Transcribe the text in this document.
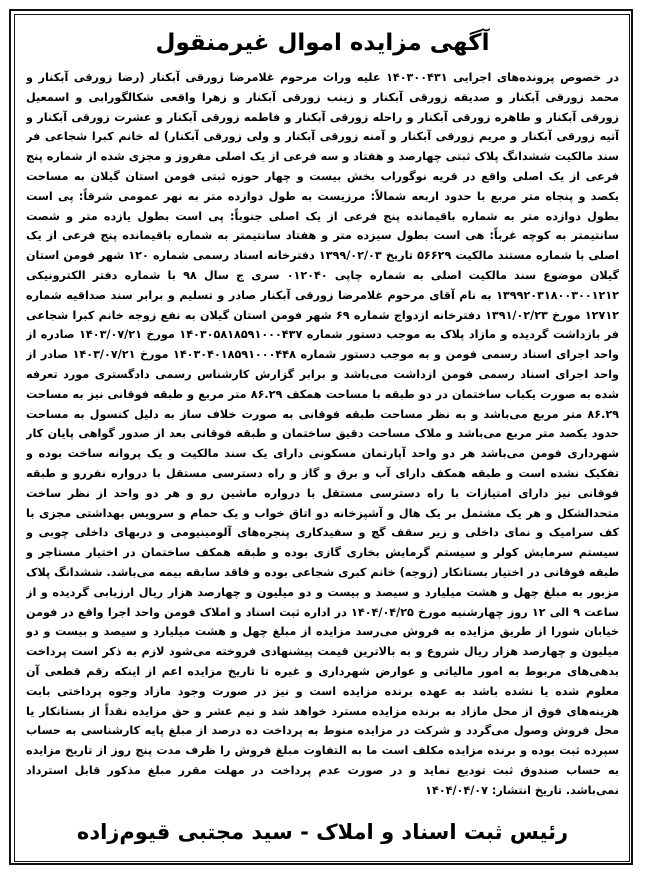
آگهی مزایده اموال غیرمنقول
در خصوص پرونده‌های اجرایی ۱۴۰۳۰۰۴۳۱ علیه وراث مرحوم غلامرضا زورقی آبکنار (رضا زورقی آبکنار و محمد زورقی آبکنار و صدیقه زورقی آبکنار و زینب زورقی آبکنار و زهرا واقعی شکالگورابی و اسمعیل زورقی آبکنار و طاهره زورقی آبکنار و راحله زورقی آبکنار و فاطمه زورقی آبکنار و عشرت زورقی آبکنار و آتیه زورقی آبکنار و مریم زورقی آبکنار و آمنه زورقی آبکنار و ولی زورقی آبکنار) له خانم کبرا شجاعی فر سند مالکیت ششدانگ پلاک ثبتی چهارصد و هفتاد و سه فرعی از یک اصلی مفروز و مجزی شده از شماره پنج فرعی از یک اصلی واقع در قریه نوگوراب بخش بیست و چهار حوزه ثبتی فومن استان گیلان به مساحت یکصد و پنجاه متر مربع با حدود اربعه شمالاً: مرزیست به طول دوازده متر به نهر عمومی شرقاً: پی است بطول دوازده متر به شماره باقیمانده پنج فرعی از یک اصلی جنوباً: پی است بطول یازده متر و شصت سانتیمتر به کوچه غرباً: هی است بطول سیزده متر و هفتاد سانتیمتر به شماره باقیمانده پنج فرعی از یک اصلی با شماره مستند مالکیت ۵۶۶۲۹ تاریخ ۱۳۹۹/۰۲/۰۳ دفترخانه اسناد رسمی شماره ۱۲۰ شهر فومن استان گیلان موضوع سند مالکیت اصلی به شماره چاپی ۰۱۲۰۴۰ سری ج سال ۹۸ با شماره دفتر الکترونیکی ۱۳۹۹۲۰۳۱۸۰۰۳۰۰۱۲۱۲ به نام آقای مرحوم غلامرضا زورقی آبکنار صادر و تسلیم و برابر سند صداقیه شماره ۱۲۷۱۲ مورخ ۱۳۹۱/۰۲/۲۳ دفترخانه ازدواج شماره ۶۹ شهر فومن استان گیلان به نفع زوجه خانم کبرا شجاعی فر بازداشت گردیده و مازاد پلاک به موجب دستور شماره ۱۴۰۳۰۵۸۱۸۵۹۱۰۰۰۴۳۷ مورخ ۱۴۰۳/۰۷/۲۱ صادره از واحد اجرای اسناد رسمی فومن و به موجب دستور شماره ۱۴۰۳۰۴۰۱۸۵۹۱۰۰۰۴۴۸ مورخ ۱۴۰۳/۰۷/۲۱ صادر از واحد اجرای اسناد رسمی فومن ازداشت می‌باشد و برابر گزارش کارشناس رسمی دادگستری مورد تعرفه شده به صورت یکباب ساختمان در دو طبقه با مساحت همکف ۸۶.۲۹ متر مربع و طبقه فوقانی نیز به مساحت ۸۶.۲۹ متر مربع می‌باشد و به نظر مساحت طبقه فوقانی به صورت خلاف ساز به دلیل کنسول به مساحت حدود یکصد متر مربع می‌باشد و ملاک مساحت دقیق ساختمان و طبقه فوقانی بعد از صدور گواهی پایان کار شهرداری فومن می‌باشد هر دو واحد آپارتمان مسکونی دارای یک سند مالکیت و یک پروانه ساخت بوده و تفکیک نشده است و طبقه همکف دارای آب و برق و گاز و راه دسترسی مستقل با درواره نفررو و طبقه فوقانی نیز دارای امتیازات با راه دسترسی مستقل با درواره ماشین رو و هر دو واحد از نظر ساخت متحدالشکل و هر یک مشتمل بر یک هال و آشپزخانه دو اتاق خواب و یک حمام و سرویس بهداشتی مجزی با کف سرامیک و نمای داخلی و زیر سقف گچ و سفیدکاری پنجره‌های آلومینیومی و دربهای داخلی چوبی و سیستم سرمایش کولر و سیستم گرمایش بخاری گازی بوده و طبقه همکف ساختمان در اختیار مستاجر و طبقه فوقانی در اختیار بستانکار (زوجه) خانم کبری شجاعی بوده و فاقد سابقه بیمه می‌باشد. ششدانگ پلاک مزبور به مبلغ چهل و هشت میلیارد و سیصد و بیست و دو میلیون و چهارصد هزار ریال ارزیابی گردیده و از ساعت ۹ الی ۱۲ روز چهارشنبه مورخ ۱۴۰۴/۰۴/۲۵ در اداره ثبت اسناد و املاک فومن واحد اجرا واقع در فومن خیابان شورا از طریق مزایده به فروش می‌رسد مزایده از مبلغ چهل و هشت میلیارد و سیصد و بیست و دو میلیون و چهارصد هزار ریال شروع و به بالاترین قیمت پیشنهادی فروخته می‌شود لازم به ذکر است پرداخت بدهی‌های مربوط به امور مالیاتی و عوارض شهرداری و غیره تا تاریخ مزایده اعم از اینکه رقم قطعی آن معلوم شده یا نشده باشد به عهده برنده مزایده است و نیز در صورت وجود مازاد وجوه پرداختی بابت هزینه‌های فوق از محل مازاد به برنده مزایده مسترد خواهد شد و نیم عشر و حق مزایده نقداً از بستانکار یا محل فروش وصول می‌گردد و شرکت در مزایده منوط به پرداخت ده درصد از مبلغ پایه کارشناسی به حساب سپرده ثبت بوده و برنده مزایده مکلف است ما به التفاوت مبلغ فروش را ظرف مدت پنج روز از تاریخ مزایده به حساب صندوق ثبت تودیع نماید و در صورت عدم پرداخت در مهلت مقرر مبلغ مذکور قابل استرداد نمی‌باشد. تاریخ انتشار: ۱۴۰۴/۰۴/۰۷
رئیس ثبت اسناد و املاک - سید مجتبی قیوم‌زاده
